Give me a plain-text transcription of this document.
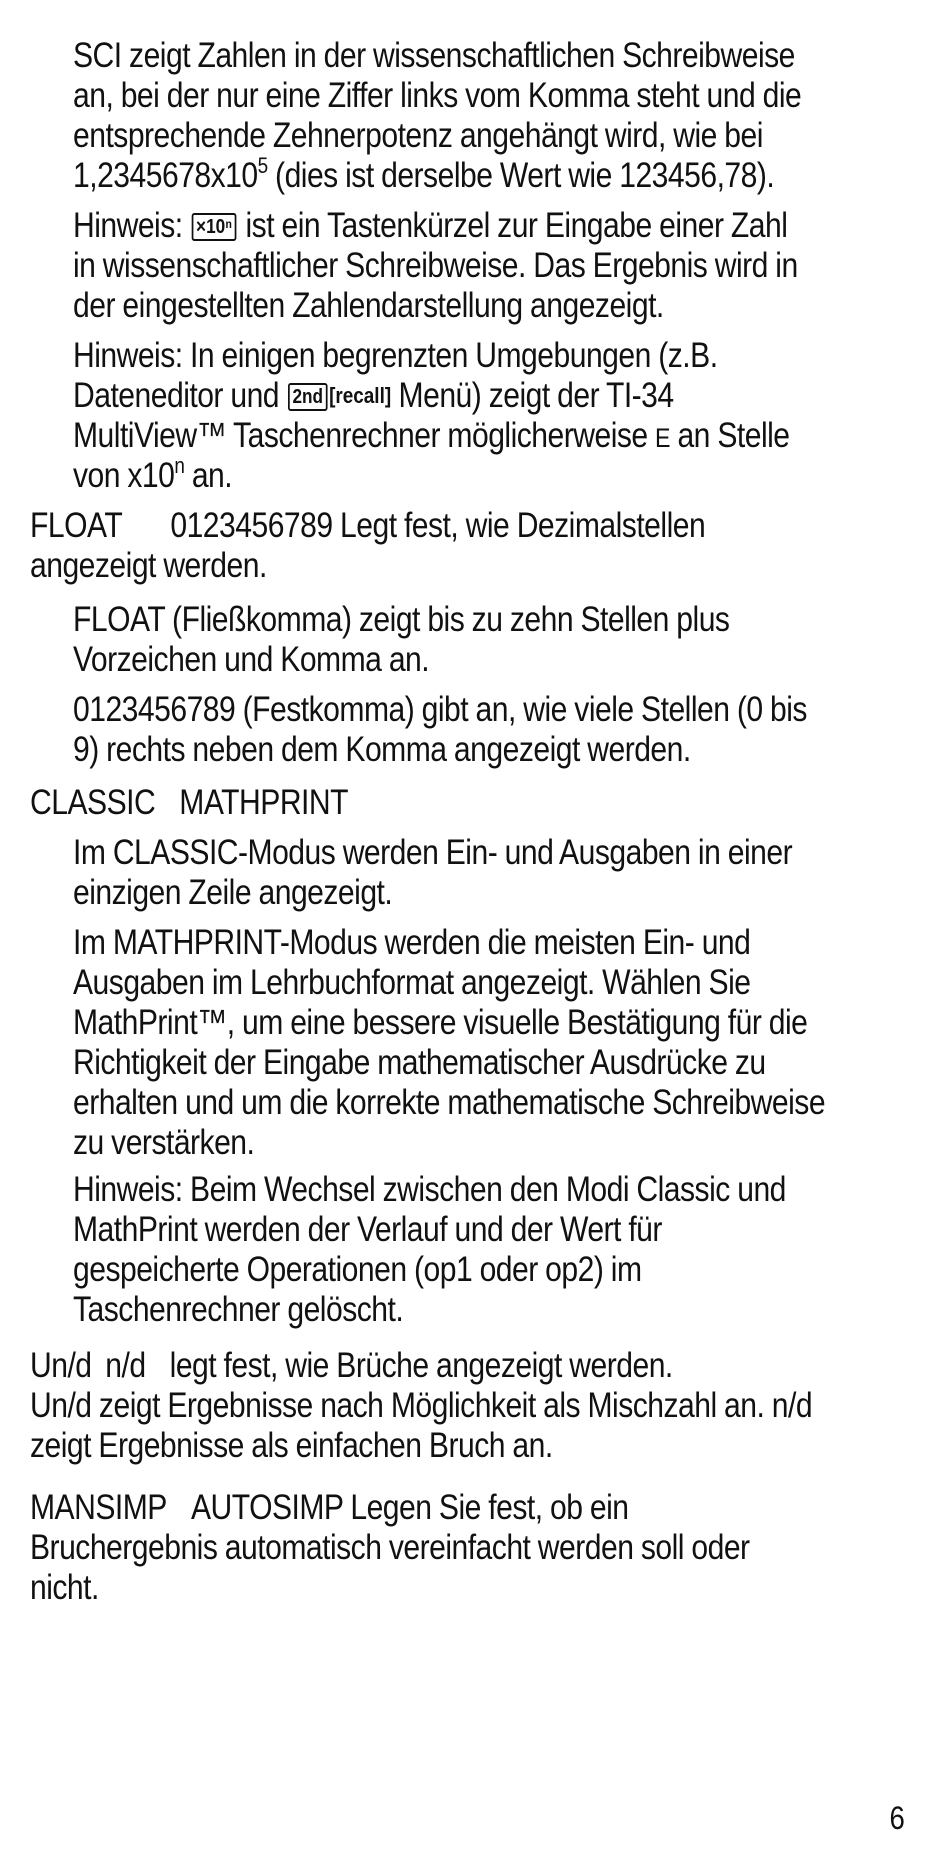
SCI zeigt Zahlen in der wissenschaftlichen Schreibweise
an, bei der nur eine Ziffer links vom Komma steht und die
entsprechende Zehnerpotenz angehängt wird, wie bei
$1,2345678x10^5$ (dies ist derselbe Wert wie 123456,78).
Hinweis: ×10ⁿ ist ein Tastenkürzel zur Eingabe einer Zahl
in wissenschaftlicher Schreibweise. Das Ergebnis wird in
der eingestellten Zahlendarstellung angezeigt.
Hinweis: In einigen begrenzten Umgebungen (z.B.
Dateneditor und 2nd [recall] Menü) zeigt der TI-34
MultiView™ Taschenrechner möglicherweise E an Stelle
von x10$^n$ an.
FLOAT 0123456789 Legt fest, wie Dezimalstellen
angezeigt werden.
FLOAT (Fließkomma) zeigt bis zu zehn Stellen plus
Vorzeichen und Komma an.
0123456789 (Festkomma) gibt an, wie viele Stellen (0 bis
9) rechts neben dem Komma angezeigt werden.
CLASSIC MATHPRINT
Im CLASSIC-Modus werden Ein- und Ausgaben in einer
einzigen Zeile angezeigt.
Im MATHPRINT-Modus werden die meisten Ein- und
Ausgaben im Lehrbuchformat angezeigt. Wählen Sie
MathPrint™, um eine bessere visuelle Bestätigung für die
Richtigkeit der Eingabe mathematischer Ausdrücke zu
erhalten und um die korrekte mathematische Schreibweise
zu verstärken.
Hinweis: Beim Wechsel zwischen den Modi Classic und
MathPrint werden der Verlauf und der Wert für
gespeicherte Operationen (op1 oder op2) im
Taschenrechner gelöscht.
Un/d n/d legt fest, wie Brüche angezeigt werden.
Un/d zeigt Ergebnisse nach Möglichkeit als Mischzahl an. n/d
zeigt Ergebnisse als einfachen Bruch an.
MANSIMP AUTOSIMP Legen Sie fest, ob ein
Bruchergebnis automatisch vereinfacht werden soll oder
nicht.
6
